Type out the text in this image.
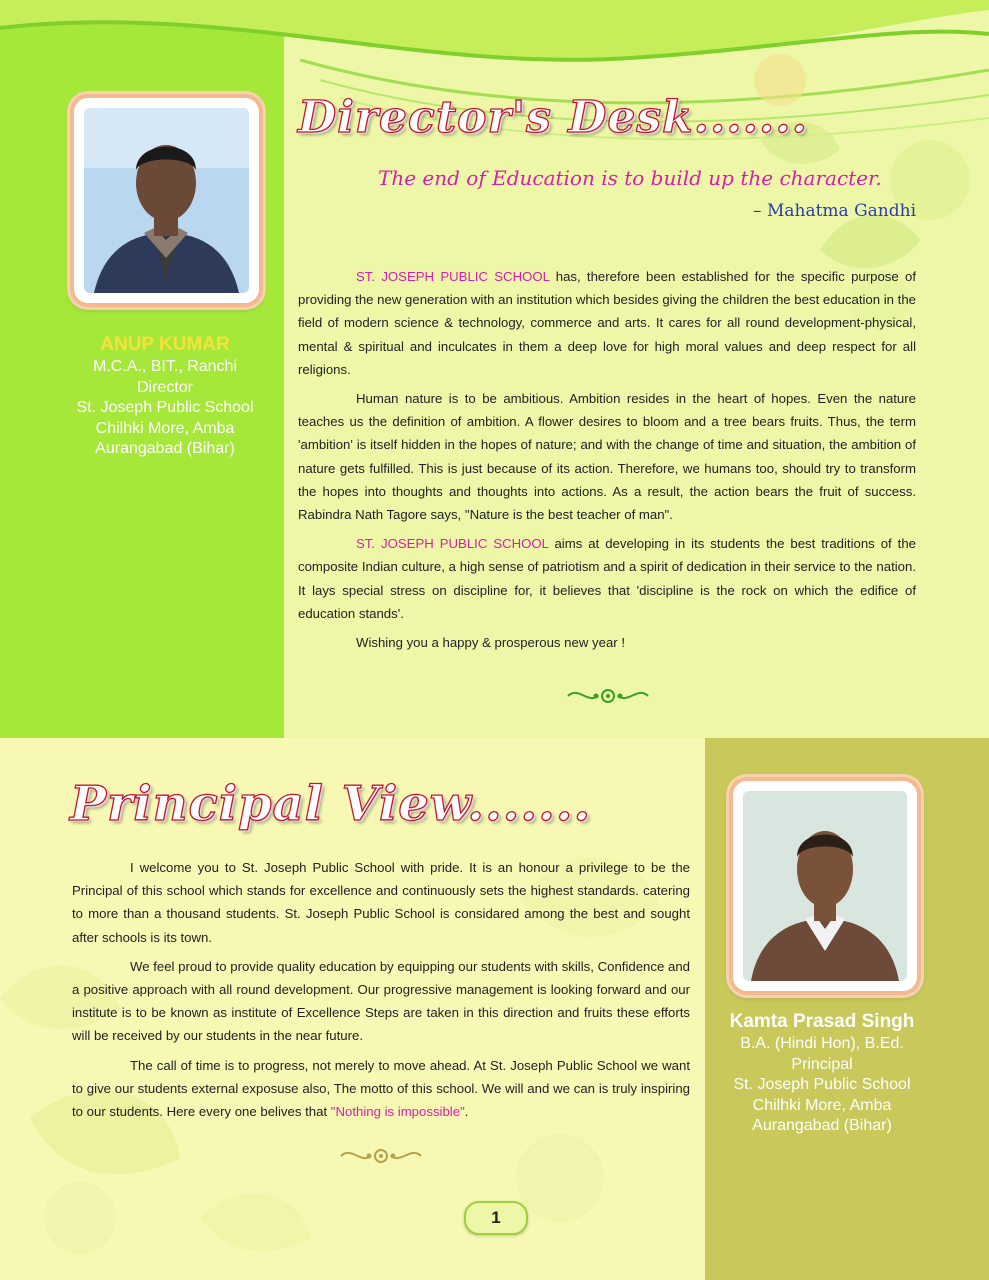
ANUP KUMAR
M.C.A., BIT., Ranchi
Director
St. Joseph Public School
Chilhki More, Amba
Aurangabad (Bihar)
Director's Desk.......
The end of Education is to build up the character.
– Mahatma Gandhi

ST. JOSEPH PUBLIC SCHOOL has, therefore been established for the specific purpose of providing the new generation with an institution which besides giving the children the best education in the field of modern science & technology, commerce and arts. It cares for all round development-physical, mental & spiritual and inculcates in them a deep love for high moral values and deep respect for all religions.

Human nature is to be ambitious. Ambition resides in the heart of hopes. Even the nature teaches us the definition of ambition. A flower desires to bloom and a tree bears fruits. Thus, the term 'ambition' is itself hidden in the hopes of nature; and with the change of time and situation, the ambition of nature gets fulfilled. This is just because of its action. Therefore, we humans too, should try to transform the hopes into thoughts and thoughts into actions. As a result, the action bears the fruit of success. Rabindra Nath Tagore says, "Nature is the best teacher of man".

ST. JOSEPH PUBLIC SCHOOL aims at developing in its students the best traditions of the composite Indian culture, a high sense of patriotism and a spirit of dedication in their service to the nation. It lays special stress on discipline for, it believes that 'discipline is the rock on which the edifice of education stands'.

Wishing you a happy & prosperous new year !

Principal View.......

I welcome you to St. Joseph Public School with pride. It is an honour a privilege to be the Principal of this school which stands for excellence and continuously sets the highest standards. catering to more than a thousand students. St. Joseph Public School is considared among the best and sought after schools is its town.

We feel proud to provide quality education by equipping our students with skills, Confidence and a positive approach with all round development. Our progressive management is looking forward and our institute is to be known as institute of Excellence Steps are taken in this direction and fruits these efforts will be received by our students in the near future.

The call of time is to progress, not merely to move ahead. At St. Joseph Public School we want to give our students external exposuse also, The motto of this school. We will and we can is truly inspiring to our students. Here every one belives that "Nothing is impossible".

Kamta Prasad Singh
B.A. (Hindi Hon), B.Ed.
Principal
St. Joseph Public School
Chilhki More, Amba
Aurangabad (Bihar)
1
